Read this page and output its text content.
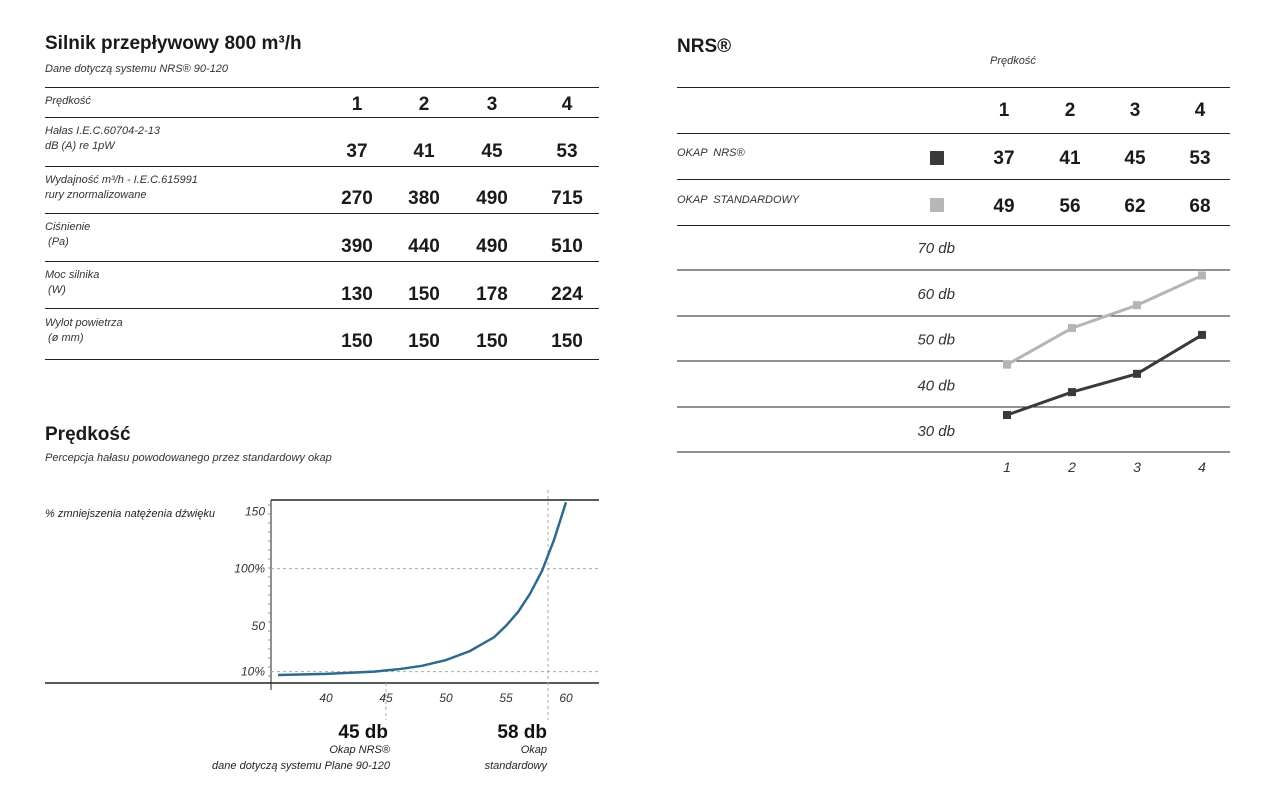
Silnik przepływowy 800 m³/h
Dane dotyczą systemu NRS® 90-120
Prędkość	1	2	3	4
Hałas I.E.C.60704-2-13
dB (A) re 1pW	37	41	45	53
Wydajność m³/h - I.E.C.615991
rury znormalizowane	270	380	490	715
Ciśnienie
(Pa)	390	440	490	510
Moc silnika
(W)	130	150	178	224
Wylot powietrza
(ø mm)	150	150	150	150
NRS®
Prędkość
1	2	3	4
OKAP  NRS®	37	41	45	53
OKAP  STANDARDOWY	49	56	62	68
70 db
60 db
50 db
40 db
30 db
1	2	3	4
Prędkość
Percepcja hałasu powodowanego przez standardowy okap
% zmniejszenia natężenia dźwięku 150
100%
50
10%
40	45	50	55	60
45 db
Okap NRS®
dane dotyczą systemu Plane 90-120
58 db
Okap
standardowy
